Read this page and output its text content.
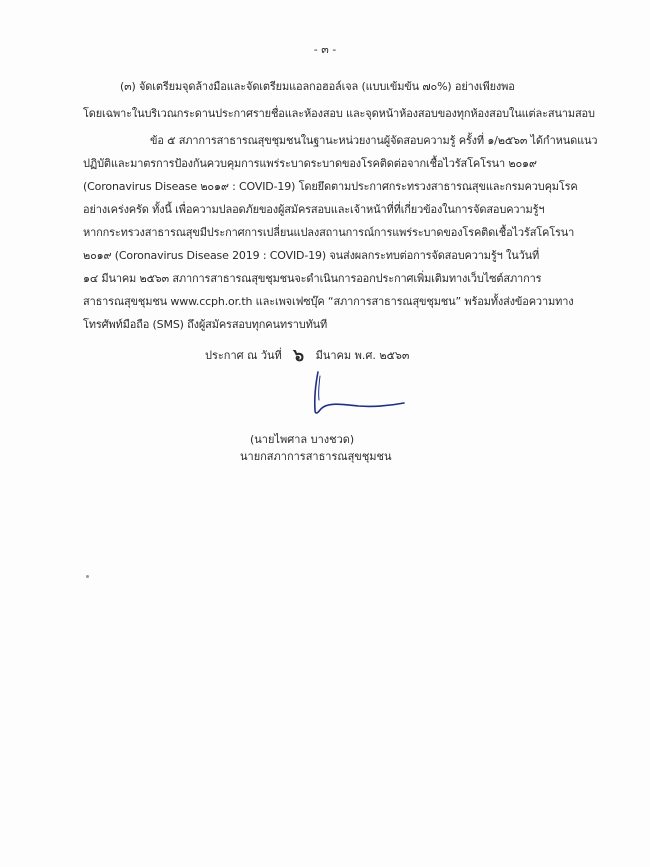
- ๓ -
(๓) จัดเตรียมจุดล้างมือและจัดเตรียมแอลกอฮอล์เจล (แบบเข้มข้น ๗๐%) อย่างเพียงพอ
โดยเฉพาะในบริเวณกระดานประกาศรายชื่อและห้องสอบ และจุดหน้าห้องสอบของทุกห้องสอบในแต่ละสนามสอบ
ข้อ ๕ สภาการสาธารณสุขชุมชนในฐานะหน่วยงานผู้จัดสอบความรู้ ครั้งที่ ๑/๒๕๖๓ ได้กำหนดแนว
ปฏิบัติและมาตรการป้องกันควบคุมการแพร่ระบาดระบาดของโรคติดต่อจากเชื้อไวรัสโคโรนา ๒๐๑๙
(Coronavirus Disease ๒๐๑๙ : COVID-19) โดยยึดตามประกาศกระทรวงสาธารณสุขและกรมควบคุมโรค
อย่างเคร่งครัด ทั้งนี้ เพื่อความปลอดภัยของผู้สมัครสอบและเจ้าหน้าที่ที่เกี่ยวข้องในการจัดสอบความรู้ฯ
หากกระทรวงสาธารณสุขมีประกาศการเปลี่ยนแปลงสถานการณ์การแพร่ระบาดของโรคติดเชื้อไวรัสโคโรนา
๒๐๑๙ (Coronavirus Disease 2019 : COVID-19) จนส่งผลกระทบต่อการจัดสอบความรู้ฯ ในวันที่
๑๔ มีนาคม ๒๕๖๓ สภาการสาธารณสุขชุมชนจะดำเนินการออกประกาศเพิ่มเติมทางเว็บไซต์สภาการ
สาธารณสุขชุมชน www.ccph.or.th และเพจเฟซบุ๊ค “สภาการสาธารณสุขชุมชน” พร้อมทั้งส่งข้อความทาง
โทรศัพท์มือถือ (SMS) ถึงผู้สมัครสอบทุกคนทราบทันที
ประกาศ ณ วันที่ ๖ มีนาคม พ.ศ. ๒๕๖๓
(นายไพศาล บางชวด)
นายกสภาการสาธารณสุขชุมชน
